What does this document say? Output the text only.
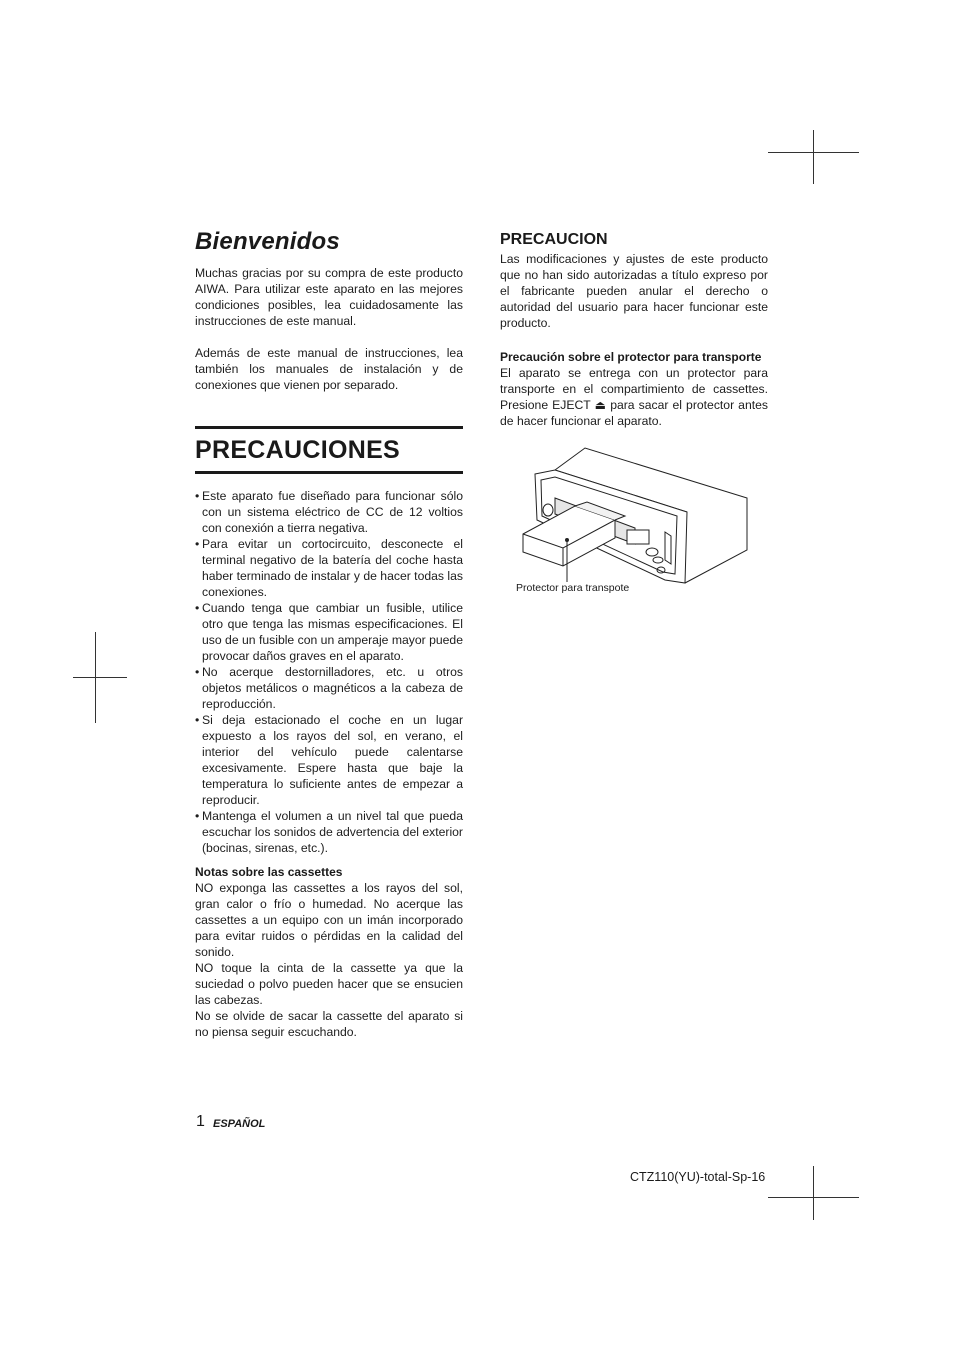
Bienvenidos

Muchas gracias por su compra de este producto AIWA. Para utilizar este aparato en las mejores condiciones posibles, lea cuidadosamente las instrucciones de este manual.

Además de este manual de instrucciones, lea también los manuales de instalación y de conexiones que vienen por separado.

PRECAUCIONES
• Este aparato fue diseñado para funcionar sólo con un sistema eléctrico de CC de 12 voltios con conexión a tierra negativa.
• Para evitar un cortocircuito, desconecte el terminal negativo de la batería del coche hasta haber terminado de instalar y de hacer todas las conexiones.
• Cuando tenga que cambiar un fusible, utilice otro que tenga las mismas especificaciones. El uso de un fusible con un amperaje mayor puede provocar daños graves en el aparato.
• No acerque destornilladores, etc. u otros objetos metálicos o magnéticos a la cabeza de reproducción.
• Si deja estacionado el coche en un lugar expuesto a los rayos del sol, en verano, el interior del vehículo puede calentarse excesivamente. Espere hasta que baje la temperatura lo suficiente antes de empezar a reproducir.
• Mantenga el volumen a un nivel tal que pueda escuchar los sonidos de advertencia del exterior (bocinas, sirenas, etc.).
Notas sobre las cassettes

NO exponga las cassettes a los rayos del sol, gran calor o frío o humedad. No acerque las cassettes a un equipo con un imán incorporado para evitar ruidos o pérdidas en la calidad del sonido.

NO toque la cinta de la cassette ya que la suciedad o polvo pueden hacer que se ensucien las cabezas.

No se olvide de sacar la cassette del aparato si no piensa seguir escuchando.

PRECAUCION

Las modificaciones y ajustes de este producto que no han sido autorizadas a título expreso por el fabricante pueden anular el derecho o autoridad del usuario para hacer funcionar este producto.

Precaución sobre el protector para transporte

El aparato se entrega con un protector para transporte en el compartimiento de cassettes. Presione EJECT ⏏ para sacar el protector antes de hacer funcionar el aparato.

Protector para transpote
1 ESPAÑOL
CTZ110(YU)-total-Sp-16
